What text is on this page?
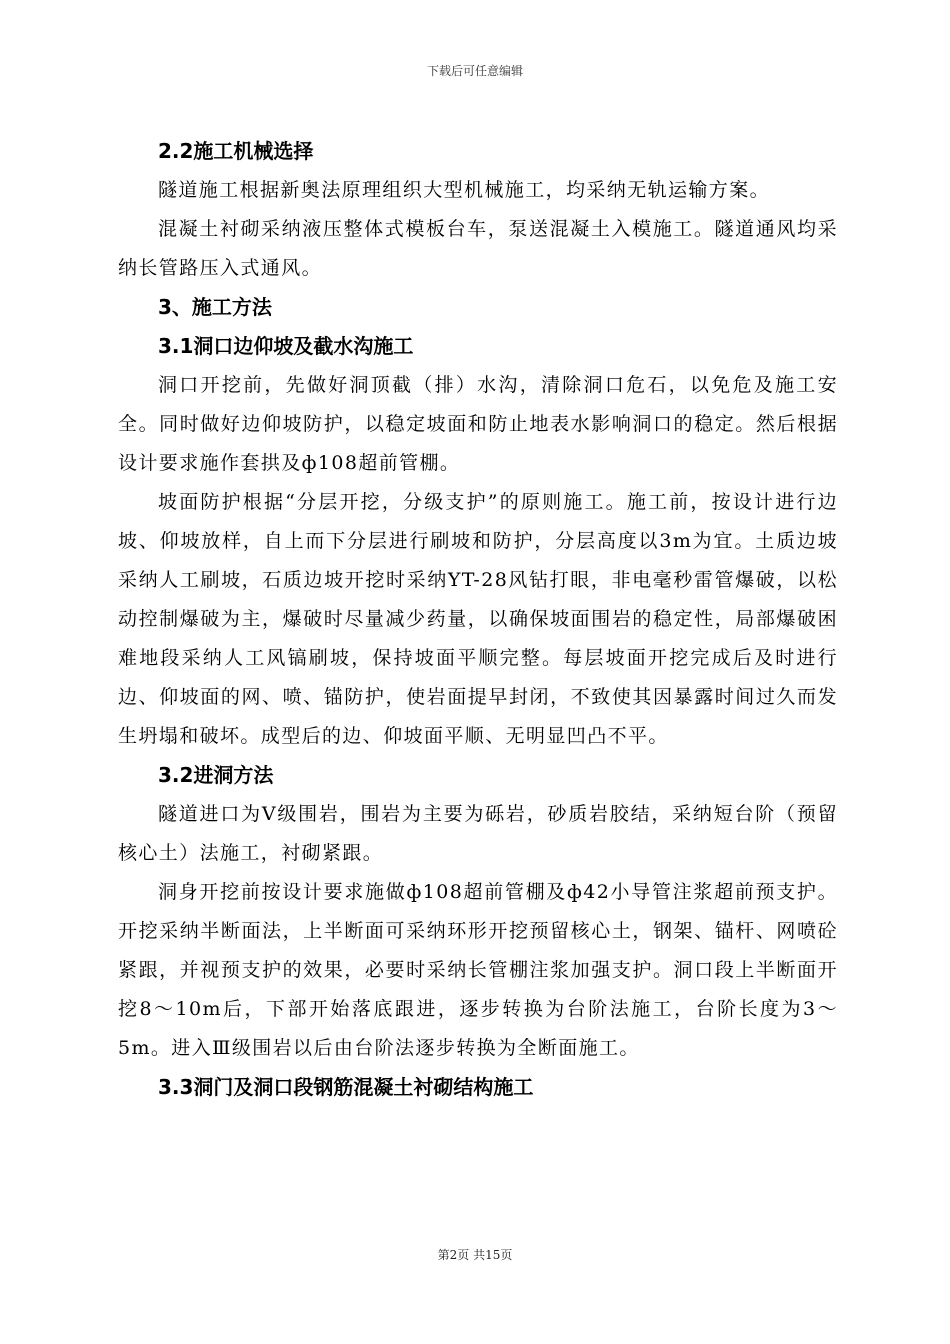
下载后可任意编辑

2.2施工机械选择

隧道施工根据新奥法原理组织大型机械施工，均采纳无轨运输方案。

混凝土衬砌采纳液压整体式模板台车，泵送混凝土入模施工。隧道通风均采纳长管路压入式通风。

3、施工方法

3.1洞口边仰坡及截水沟施工

洞口开挖前，先做好洞顶截（排）水沟，清除洞口危石，以免危及施工安全。同时做好边仰坡防护，以稳定坡面和防止地表水影响洞口的稳定。然后根据设计要求施作套拱及ф108超前管棚。

坡面防护根据“分层开挖，分级支护”的原则施工。施工前，按设计进行边坡、仰坡放样，自上而下分层进行刷坡和防护，分层高度以3m为宜。土质边坡采纳人工刷坡，石质边坡开挖时采纳YT-28风钻打眼，非电毫秒雷管爆破，以松动控制爆破为主，爆破时尽量减少药量，以确保坡面围岩的稳定性，局部爆破困难地段采纳人工风镐刷坡，保持坡面平顺完整。每层坡面开挖完成后及时进行边、仰坡面的网、喷、锚防护，使岩面提早封闭，不致使其因暴露时间过久而发生坍塌和破坏。成型后的边、仰坡面平顺、无明显凹凸不平。

3.2进洞方法

隧道进口为Ⅴ级围岩，围岩为主要为砾岩，砂质岩胶结，采纳短台阶（预留核心土）法施工，衬砌紧跟。

洞身开挖前按设计要求施做ф108超前管棚及ф42小导管注浆超前预支护。开挖采纳半断面法，上半断面可采纳环形开挖预留核心土，钢架、锚杆、网喷砼紧跟，并视预支护的效果，必要时采纳长管棚注浆加强支护。洞口段上半断面开挖8～10m后，下部开始落底跟进，逐步转换为台阶法施工，台阶长度为3～5m。进入Ⅲ级围岩以后由台阶法逐步转换为全断面施工。

3.3洞门及洞口段钢筋混凝土衬砌结构施工

第2页 共15页
